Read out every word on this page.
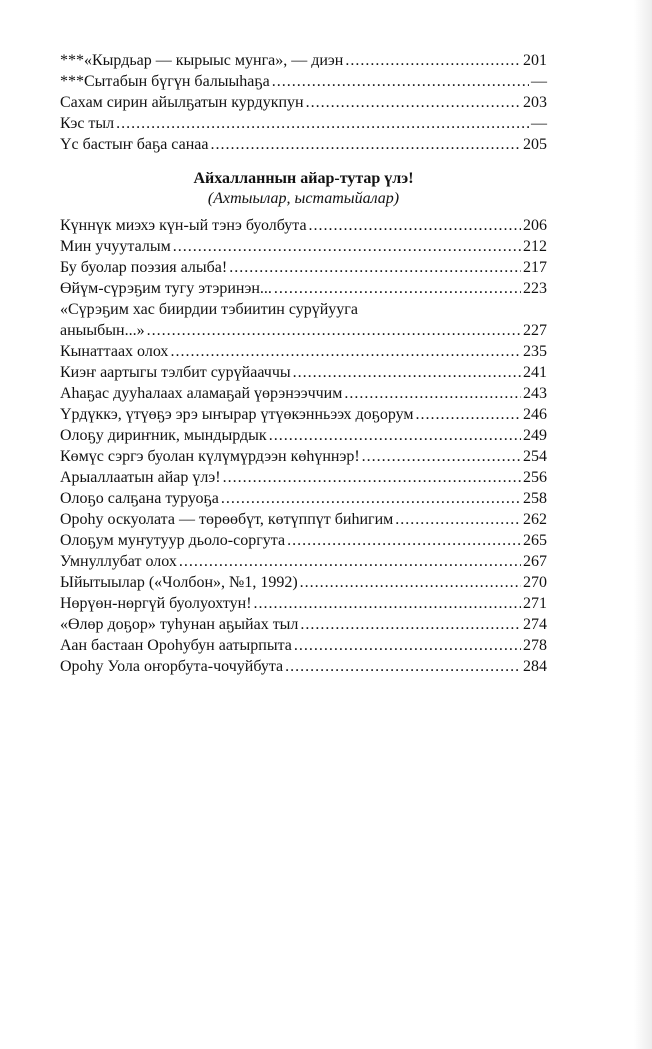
***«Кырдьар — кырыыс мунга», — диэн .....	201
***Сытабын бүгүн балыыһаҕа .....	—
Сахам сирин айылҕатын курдукпун .....	203
Кэс тыл .....	—
Үс бастыҥ баҕа санаа .....	205
Айхалланнын айар-тутар үлэ!
(Ахтыылар, ыстатыйалар)
Күннүк миэхэ күн-ый тэнэ буолбута .....	206
Мин учууталым .....	212
Бу буолар поэзия алыба! .....	217
Өйүм-сүрэҕим тугу этэринэн... .....	223
«Сүрэҕим хас биирдии тэбиитин сурүйууга
аныыбын...» .....	227
Кынаттаах олох .....	235
Киэҥ аартыгы тэлбит сурүйааччы .....	241
Аһаҕас дууһалаах аламаҕай үөрэнээччим .....	243
Үрдүккэ, үтүөҕэ эрэ ыҥырар үтүөкэнньээх доҕорум .....	246
Олоҕу дириҥник, мындырдык .....	249
Көмүс сэргэ буолан күлүмүрдээн көһүннэр! .....	254
Арыаллаатын айар үлэ! .....	256
Олоҕо салҕана туруоҕа .....	258
Ороһу оскуолата — төрөөбүт, көтүппүт биһигим .....	262
Олоҕум муҥутуур дьоло-соргута .....	265
Умнуллубат олох .....	267
Ыйытыылар («Чолбон», №1, 1992) .....	270
Нөрүөн-нөргүй буолуохтун! .....	271
«Өлөр доҕор» туһунан аҕыйах тыл .....	274
Аан бастаан Ороһубун аатырпыта .....	278
Ороһу Уола оҥорбута-чочуйбута .....	284
